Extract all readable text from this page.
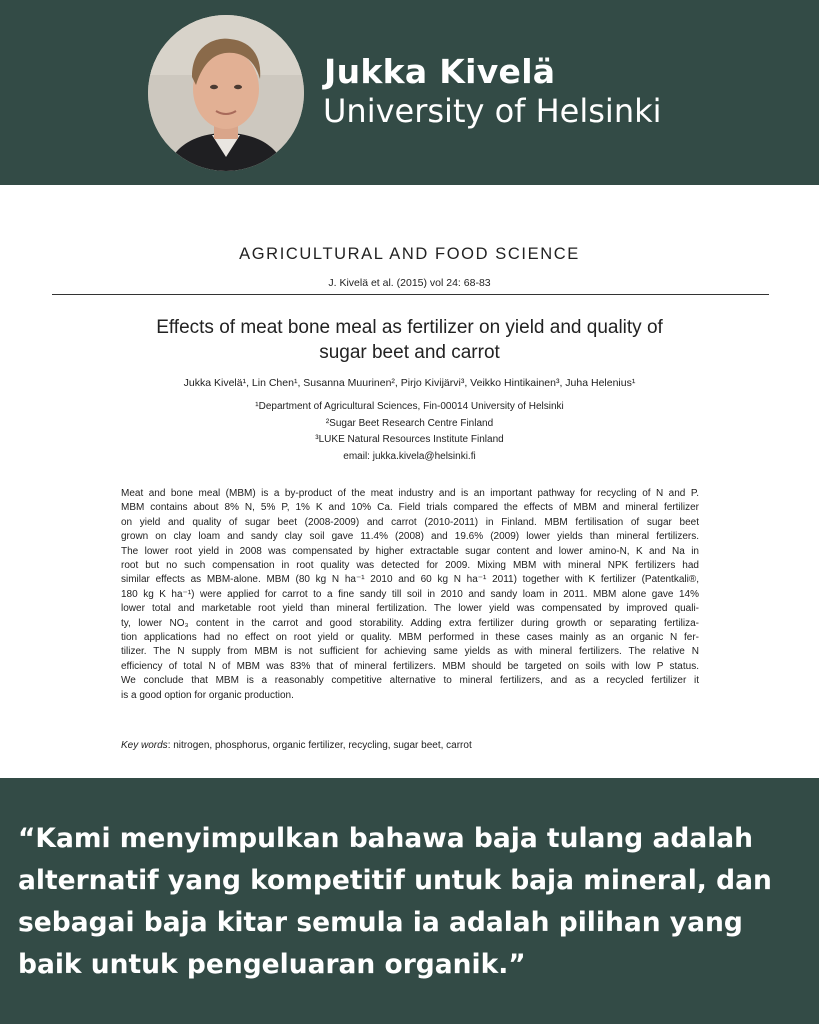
Jukka Kivelä
University of Helsinki
AGRICULTURAL AND FOOD SCIENCE
J. Kivelä et al. (2015) vol 24: 68-83
Effects of meat bone meal as fertilizer on yield and quality of
sugar beet and carrot
Jukka Kivelä¹, Lin Chen¹, Susanna Muurinen², Pirjo Kivijärvi³, Veikko Hintikainen³, Juha Helenius¹
¹Department of Agricultural Sciences, Fin-00014 University of Helsinki
²Sugar Beet Research Centre Finland
³LUKE Natural Resources Institute Finland
email: jukka.kivela@helsinki.fi
Meat and bone meal (MBM) is a by-product of the meat industry and is an important pathway for recycling of N and P.
MBM contains about 8% N, 5% P, 1% K and 10% Ca. Field trials compared the effects of MBM and mineral fertilizer
on yield and quality of sugar beet (2008-2009) and carrot (2010-2011) in Finland. MBM fertilisation of sugar beet
grown on clay loam and sandy clay soil gave 11.4% (2008) and 19.6% (2009) lower yields than mineral fertilizers.
The lower root yield in 2008 was compensated by higher extractable sugar content and lower amino-N, K and Na in
root but no such compensation in root quality was detected for 2009. Mixing MBM with mineral NPK fertilizers had
similar effects as MBM-alone. MBM (80 kg N ha⁻¹ 2010 and 60 kg N ha⁻¹ 2011) together with K fertilizer (Patentkali®,
180 kg K ha⁻¹) were applied for carrot to a fine sandy till soil in 2010 and sandy loam in 2011. MBM alone gave 14%
lower total and marketable root yield than mineral fertilization. The lower yield was compensated by improved quali-
ty, lower NO₃ content in the carrot and good storability. Adding extra fertilizer during growth or separating fertiliza-
tion applications had no effect on root yield or quality. MBM performed in these cases mainly as an organic N fer-
tilizer. The N supply from MBM is not sufficient for achieving same yields as with mineral fertilizers. The relative N
efficiency of total N of MBM was 83% that of mineral fertilizers. MBM should be targeted on soils with low P status.
We conclude that MBM is a reasonably competitive alternative to mineral fertilizers, and as a recycled fertilizer it
is a good option for organic production.
Key words: nitrogen, phosphorus, organic fertilizer, recycling, sugar beet, carrot
“Kami menyimpulkan bahawa baja tulang adalah
alternatif yang kompetitif untuk baja mineral, dan
sebagai baja kitar semula ia adalah pilihan yang
baik untuk pengeluaran organik.”
